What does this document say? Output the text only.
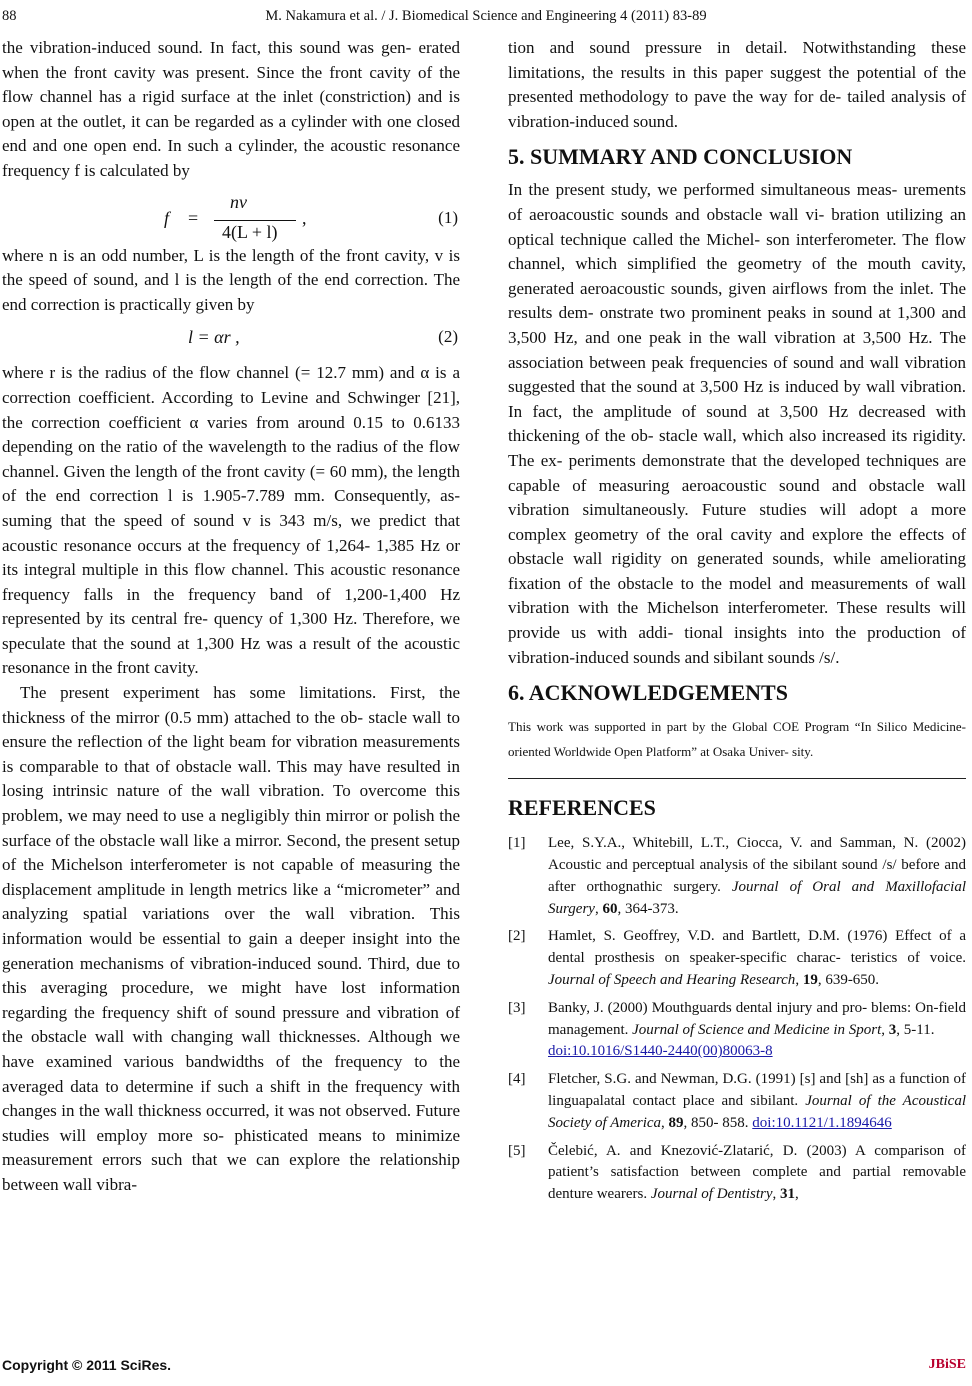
88	M. Nakamura et al. / J. Biomedical Science and Engineering 4 (2011) 83-89

the vibration-induced sound. In fact, this sound was gen- erated when the front cavity was present. Since the front cavity of the flow channel has a rigid surface at the inlet (constriction) and is open at the outlet, it can be regarded as a cylinder with one closed end and one open end. In such a cylinder, the acoustic resonance frequency f is calculated by

f =
nv
4(L + l)
,	(1)

where n is an odd number, L is the length of the front cavity, v is the speed of sound, and l is the length of the end correction. The end correction is practically given by

l = αr ,	(2)

where r is the radius of the flow channel (= 12.7 mm) and α is a correction coefficient. According to Levine and Schwinger [21], the correction coefficient α varies from around 0.15 to 0.6133 depending on the ratio of the wavelength to the radius of the flow channel. Given the length of the front cavity (= 60 mm), the length of the end correction l is 1.905-7.789 mm. Consequently, as- suming that the speed of sound v is 343 m/s, we predict that acoustic resonance occurs at the frequency of 1,264- 1,385 Hz or its integral multiple in this flow channel. This acoustic resonance frequency falls in the frequency band of 1,200-1,400 Hz represented by its central fre- quency of 1,300 Hz. Therefore, we speculate that the sound at 1,300 Hz was a result of the acoustic resonance in the front cavity.

The present experiment has some limitations. First, the thickness of the mirror (0.5 mm) attached to the ob- stacle wall to ensure the reflection of the light beam for vibration measurements is comparable to that of obstacle wall. This may have resulted in losing intrinsic nature of the wall vibration. To overcome this problem, we may need to use a negligibly thin mirror or polish the surface of the obstacle wall like a mirror. Second, the present setup of the Michelson interferometer is not capable of measuring the displacement amplitude in length metrics like a “micrometer” and analyzing spatial variations over the wall vibration. This information would be essential to gain a deeper insight into the generation mechanisms of vibration-induced sound. Third, due to this averaging procedure, we might have lost information regarding the frequency shift of sound pressure and vibration of the obstacle wall with changing wall thicknesses. Although we have examined various bandwidths of the frequency to the averaged data to determine if such a shift in the frequency with changes in the wall thickness occurred, it was not observed. Future studies will employ more so- phisticated means to minimize measurement errors such that we can explore the relationship between wall vibra-

tion and sound pressure in detail. Notwithstanding these limitations, the results in this paper suggest the potential of the presented methodology to pave the way for de- tailed analysis of vibration-induced sound.

5. SUMMARY AND CONCLUSION

In the present study, we performed simultaneous meas- urements of aeroacoustic sounds and obstacle wall vi- bration utilizing an optical technique called the Michel- son interferometer. The flow channel, which simplified the geometry of the mouth cavity, generated aeroacoustic sounds, given airflows from the inlet. The results dem- onstrate two prominent peaks in sound at 1,300 and 3,500 Hz, and one peak in the wall vibration at 3,500 Hz. The association between peak frequencies of sound and wall vibration suggested that the sound at 3,500 Hz is induced by wall vibration. In fact, the amplitude of sound at 3,500 Hz decreased with thickening of the ob- stacle wall, which also increased its rigidity. The ex- periments demonstrate that the developed techniques are capable of measuring aeroacoustic sound and obstacle wall vibration simultaneously. Future studies will adopt a more complex geometry of the oral cavity and explore the effects of obstacle wall rigidity on generated sounds, while ameliorating fixation of the obstacle to the model and measurements of wall vibration with the Michelson interferometer. These results will provide us with addi- tional insights into the production of vibration-induced sounds and sibilant sounds /s/.

6. ACKNOWLEDGEMENTS

This work was supported in part by the Global COE Program “In Silico Medicine-oriented Worldwide Open Platform” at Osaka Univer- sity.

REFERENCES
[1] Lee, S.Y.A., Whitebill, L.T., Ciocca, V. and Samman, N. (2002) Acoustic and perceptual analysis of the sibilant sound /s/ before and after orthognathic surgery. Journal of Oral and Maxillofacial Surgery, 60, 364-373.
[2] Hamlet, S. Geoffrey, V.D. and Bartlett, D.M. (1976) Effect of a dental prosthesis on speaker-specific charac- teristics of voice. Journal of Speech and Hearing Research, 19, 639-650.
[3] Banky, J. (2000) Mouthguards dental injury and pro- blems: On-field management. Journal of Science and Medicine in Sport, 3, 5-11.
doi:10.1016/S1440-2440(00)80063-8
[4] Fletcher, S.G. and Newman, D.G. (1991) [s] and [sh] as a function of linguapalatal contact place and sibilant. Journal of the Acoustical Society of America, 89, 850- 858. doi:10.1121/1.1894646
[5] Čelebić, A. and Knezović-Zlatarić, D. (2003) A comparison of patient’s satisfaction between complete and partial removable denture wearers. Journal of Dentistry, 31,
Copyright © 2011 SciRes.	JBiSE
